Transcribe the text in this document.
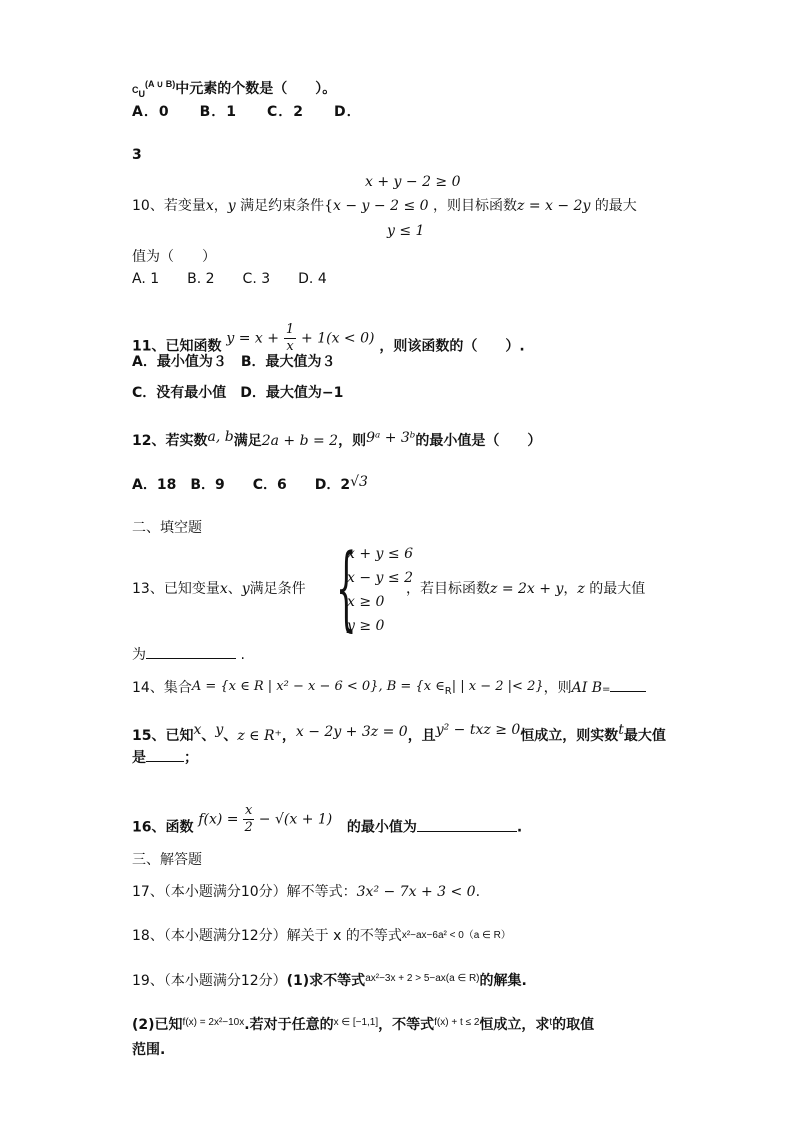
$C_U^{(A \cup B)}$中元素的个数是（　　）。
A．0　　B．1　　C．2　　D．
3
x + y − 2 ≥ 0
10、若变量x，y 满足约束条件{x − y − 2 ≤ 0 ，则目标函数z = x − 2y 的最大
y ≤ 1
值为（　　）
A. 1　　B. 2　　C. 3　　D. 4
11、已知函数 $y = x + \frac{1}{x} + 1(x < 0)$ ，则该函数的（　　）.
A．最小值为３　B．最大值为３
C．没有最小值　D．最大值为−1
12、若实数a, b满足2a + b = 2，则9ᵃ + 3ᵇ的最小值是（　　）
A．18　B．9　　C．6　　D．2√3
二、填空题
{
x + y ≤ 6
x − y ≤ 2
x ≥ 0
y ≥ 0
13、已知变量x、y满足条件	，若目标函数z = 2x + y，z 的最大值
为	.
14、集合A = {x ∈ R | x² − x − 6 < 0}, B = {x ∈R| | x − 2 |< 2}，则AI B=
15、已知x、y、z ∈ R⁺，x − 2y + 3z = 0，且y² − txz ≥ 0恒成立，则实数t最大值
是	；
16、函数 $f(x) = \frac{x}{2} - √(x + 1)$ 的最小值为	.
三、解答题
17、（本小题满分10分）解不等式：3x² − 7x + 3 < 0.
18、（本小题满分12分）解关于 x 的不等式x²−ax−6a² < 0（a ∈ R）
19、（本小题满分12分）(1)求不等式$^{ax^2-3x + 2 > 5-ax(a \in R)}$的解集.
(2)已知$^{f(x) = 2x^2-10x}$.若对于任意的$^{x \in [-1,1]}$，不等式$^{f(x) + t \le 2}$恒成立，求$^t$的取值
范围.
